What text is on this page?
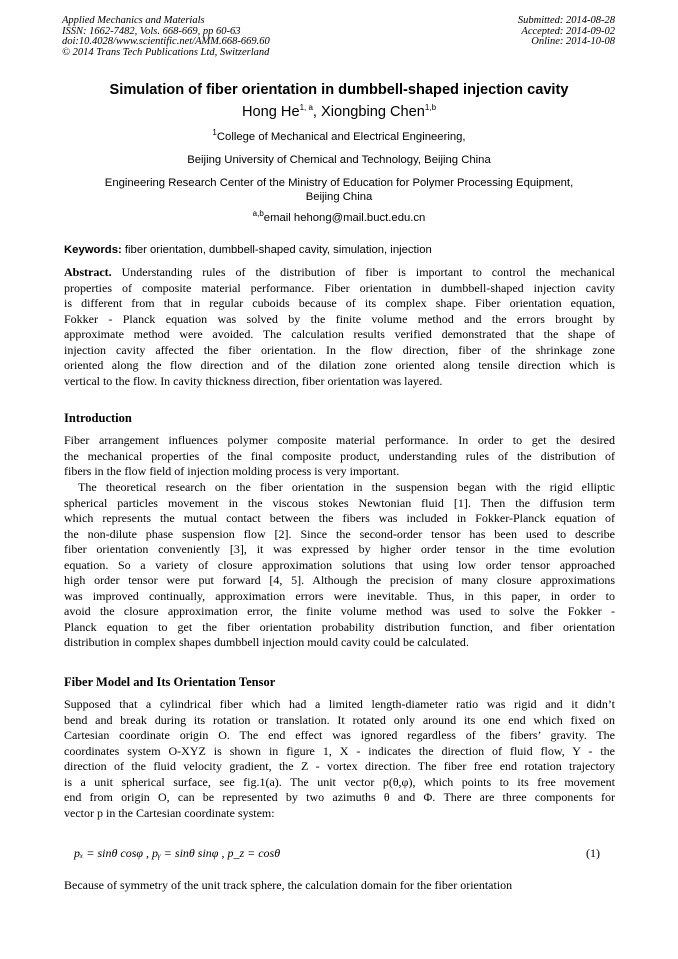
Applied Mechanics and Materials
ISSN: 1662-7482, Vols. 668-669, pp 60-63
doi:10.4028/www.scientific.net/AMM.668-669.60
© 2014 Trans Tech Publications Ltd, Switzerland
Submitted: 2014-08-28
Accepted: 2014-09-02
Online: 2014-10-08
Simulation of fiber orientation in dumbbell-shaped injection cavity
Hong He$^{1, a}$, Xiongbing Chen$^{1,b}$
$^1$College of Mechanical and Electrical Engineering,
Beijing University of Chemical and Technology, Beijing China
Engineering Research Center of the Ministry of Education for Polymer Processing Equipment,
Beijing China
$^{a,b}$email hehong@mail.buct.edu.cn
Keywords: fiber orientation, dumbbell-shaped cavity, simulation, injection
Abstract. Understanding rules of the distribution of fiber is important to control the mechanical
properties of composite material performance. Fiber orientation in dumbbell-shaped injection cavity
is different from that in regular cuboids because of its complex shape. Fiber orientation equation,
Fokker - Planck equation was solved by the finite volume method and the errors brought by
approximate method were avoided. The calculation results verified demonstrated that the shape of
injection cavity affected the fiber orientation. In the flow direction, fiber of the shrinkage zone
oriented along the flow direction and of the dilation zone oriented along tensile direction which is
vertical to the flow. In cavity thickness direction, fiber orientation was layered.
Introduction
Fiber arrangement influences polymer composite material performance. In order to get the desired
the mechanical properties of the final composite product, understanding rules of the distribution of
fibers in the flow field of injection molding process is very important.
The theoretical research on the fiber orientation in the suspension began with the rigid elliptic
spherical particles movement in the viscous stokes Newtonian fluid [1]. Then the diffusion term
which represents the mutual contact between the fibers was included in Fokker-Planck equation of
the non-dilute phase suspension flow [2]. Since the second-order tensor has been used to describe
fiber orientation conveniently [3], it was expressed by higher order tensor in the time evolution
equation. So a variety of closure approximation solutions that using low order tensor approached
high order tensor were put forward [4, 5]. Although the precision of many closure approximations
was improved continually, approximation errors were inevitable. Thus, in this paper, in order to
avoid the closure approximation error, the finite volume method was used to solve the Fokker -
Planck equation to get the fiber orientation probability distribution function, and fiber orientation
distribution in complex shapes dumbbell injection mould cavity could be calculated.
Fiber Model and Its Orientation Tensor
Supposed that a cylindrical fiber which had a limited length-diameter ratio was rigid and it didn’t
bend and break during its rotation or translation. It rotated only around its one end which fixed on
Cartesian coordinate origin O. The end effect was ignored regardless of the fibers’ gravity. The
coordinates system O-XYZ is shown in figure 1, X - indicates the direction of fluid flow, Y - the
direction of the fluid velocity gradient, the Z - vortex direction. The fiber free end rotation trajectory
is a unit spherical surface, see fig.1(a). The unit vector p(θ,φ), which points to its free movement
end from origin O, can be represented by two azimuths θ and Φ. There are three components for
vector p in the Cartesian coordinate system:
pₓ = sinθ cosφ , pᵧ = sinθ sinφ , p_z = cosθ	(1)
Because of symmetry of the unit track sphere, the calculation domain for the fiber orientation
